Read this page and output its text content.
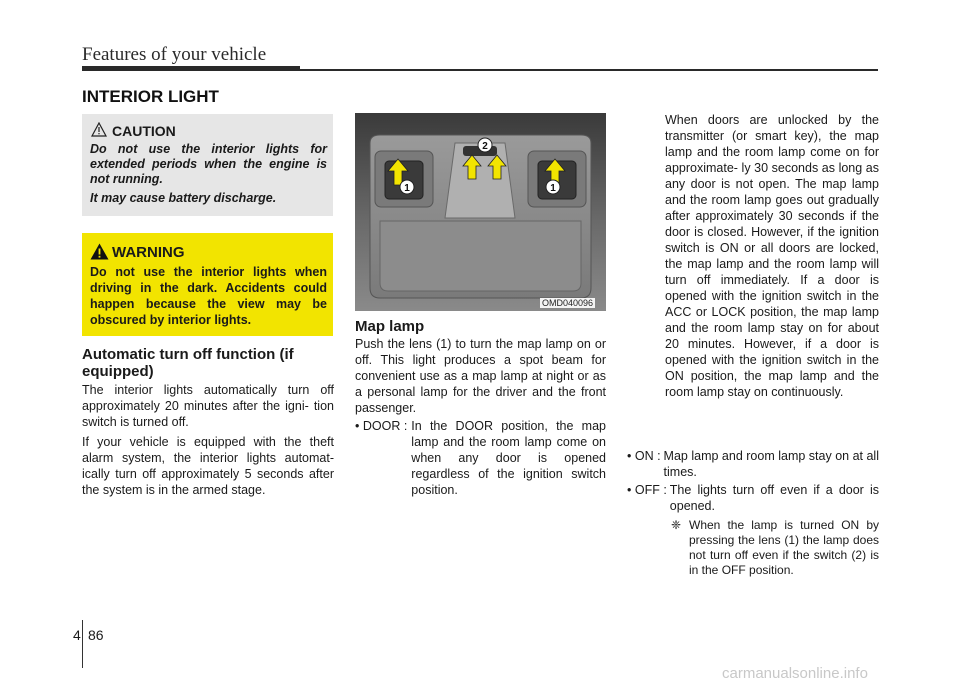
Features of your vehicle
INTERIOR LIGHT
CAUTION

Do not use the interior lights for extended periods when the engine is not running.

It may cause battery discharge.

WARNING
Do not use the interior lights when driving in the dark. Accidents could happen because the view may be obscured by interior lights.
Automatic turn off function (if equipped)

The interior lights automatically turn off approximately 20 minutes after the igni- tion switch is turned off.

If your vehicle is equipped with the theft alarm system, the interior lights automat- ically turn off approximately 5 seconds after the system is in the armed stage.

1	1
2
OMD040096
Map lamp

Push the lens (1) to turn the map lamp on or off. This light produces a spot beam for convenient use as a map lamp at night or as a personal lamp for the driver and the front passenger.

• DOOR : In the DOOR position, the map lamp and the room lamp come on when any door is opened regardless of the ignition switch position.
When doors are unlocked by the transmitter (or smart key), the map lamp and the room lamp come on for approximate- ly 30 seconds as long as any door is not open. The map lamp and the room lamp goes out gradually after approximately 30 seconds if the door is closed. However, if the ignition switch is ON or all doors are locked, the map lamp and the room lamp will turn off immediately. If a door is opened with the ignition switch in the ACC or LOCK position, the map lamp and the room lamp stay on for about 20 minutes. However, if a door is opened with the ignition switch in the ON position, the map lamp and the room lamp stay on continuously.
• ON : Map lamp and room lamp stay on at all times.
• OFF : The lights turn off even if a door is opened.
❈ When the lamp is turned ON by pressing the lens (1) the lamp does not turn off even if the switch (2) is in the OFF position.
4 86
carmanualsonline.info
